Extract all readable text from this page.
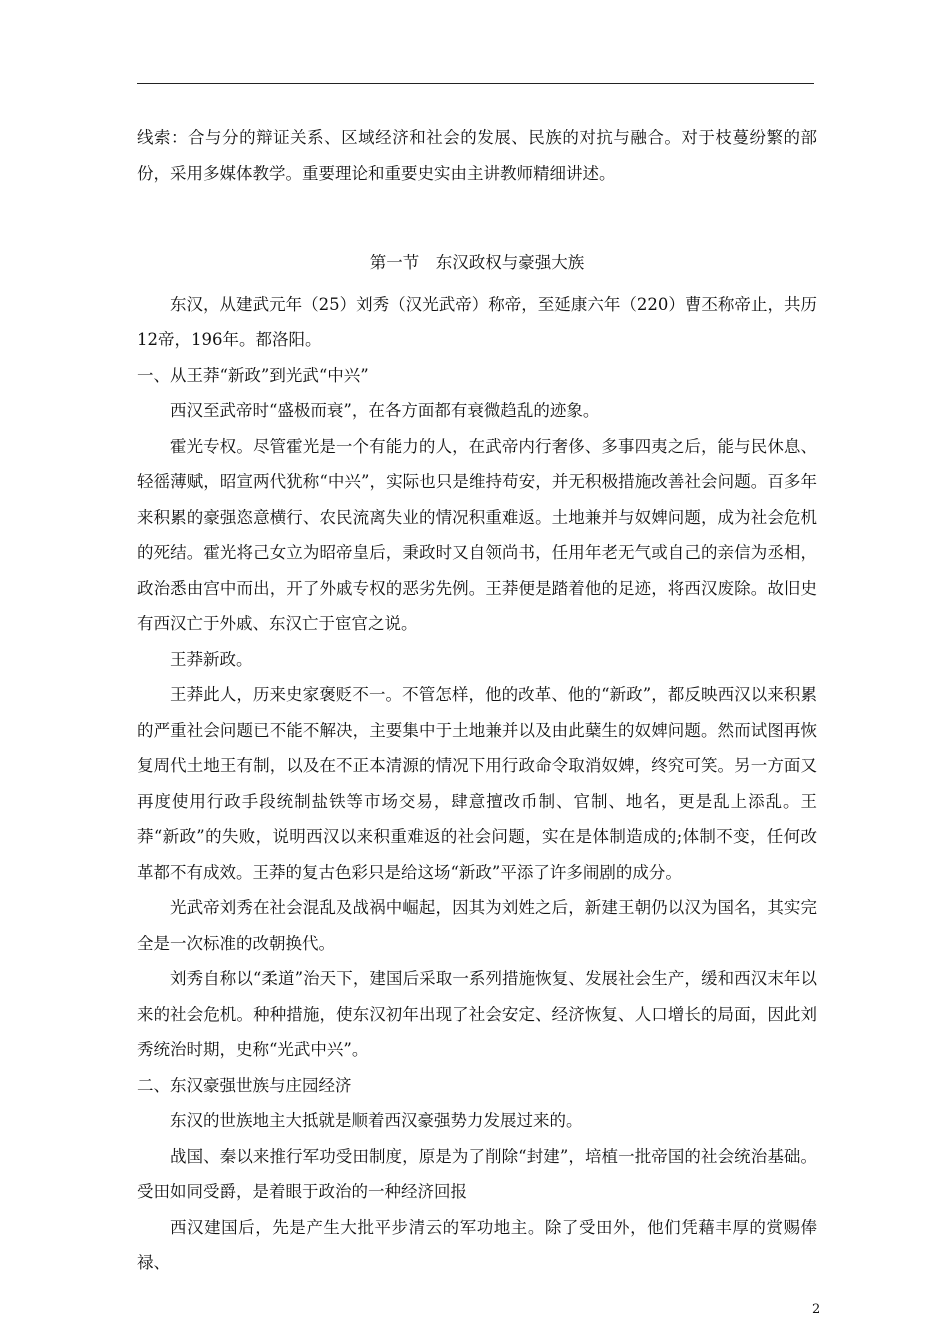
线索：合与分的辩证关系、区域经济和社会的发展、民族的对抗与融合。对于枝蔓纷繁的部份，采用多媒体教学。重要理论和重要史实由主讲教师精细讲述。

第一节　东汉政权与豪强大族

东汉，从建武元年（25）刘秀（汉光武帝）称帝，至延康六年（220）曹丕称帝止，共历12帝，196年。都洛阳。

一、从王莽“新政”到光武“中兴”

西汉至武帝时“盛极而衰”，在各方面都有衰微趋乱的迹象。

霍光专权。尽管霍光是一个有能力的人，在武帝内行奢侈、多事四夷之后，能与民休息、轻徭薄赋，昭宣两代犹称“中兴”，实际也只是维持苟安，并无积极措施改善社会问题。百多年来积累的豪强恣意横行、农民流离失业的情况积重难返。土地兼并与奴婢问题，成为社会危机的死结。霍光将己女立为昭帝皇后，秉政时又自领尚书，任用年老无气或自己的亲信为丞相，政治悉由宫中而出，开了外戚专权的恶劣先例。王莽便是踏着他的足迹，将西汉废除。故旧史有西汉亡于外戚、东汉亡于宦官之说。

王莽新政。

王莽此人，历来史家褒贬不一。不管怎样，他的改革、他的“新政”，都反映西汉以来积累的严重社会问题已不能不解决，主要集中于土地兼并以及由此蘖生的奴婢问题。然而试图再恢复周代土地王有制，以及在不正本清源的情况下用行政命令取消奴婢，终究可笑。另一方面又再度使用行政手段统制盐铁等市场交易，肆意擅改币制、官制、地名，更是乱上添乱。王莽“新政”的失败，说明西汉以来积重难返的社会问题，实在是体制造成的;体制不变，任何改革都不有成效。王莽的复古色彩只是给这场“新政”平添了许多闹剧的成分。

光武帝刘秀在社会混乱及战祸中崛起，因其为刘姓之后，新建王朝仍以汉为国名，其实完全是一次标准的改朝换代。

刘秀自称以“柔道”治天下，建国后采取一系列措施恢复、发展社会生产，缓和西汉末年以来的社会危机。种种措施，使东汉初年出现了社会安定、经济恢复、人口增长的局面，因此刘秀统治时期，史称“光武中兴”。

二、东汉豪强世族与庄园经济

东汉的世族地主大抵就是顺着西汉豪强势力发展过来的。

战国、秦以来推行军功受田制度，原是为了削除“封建”，培植一批帝国的社会统治基础。受田如同受爵，是着眼于政治的一种经济回报

西汉建国后，先是产生大批平步清云的军功地主。除了受田外，他们凭藉丰厚的赏赐俸禄、

2
